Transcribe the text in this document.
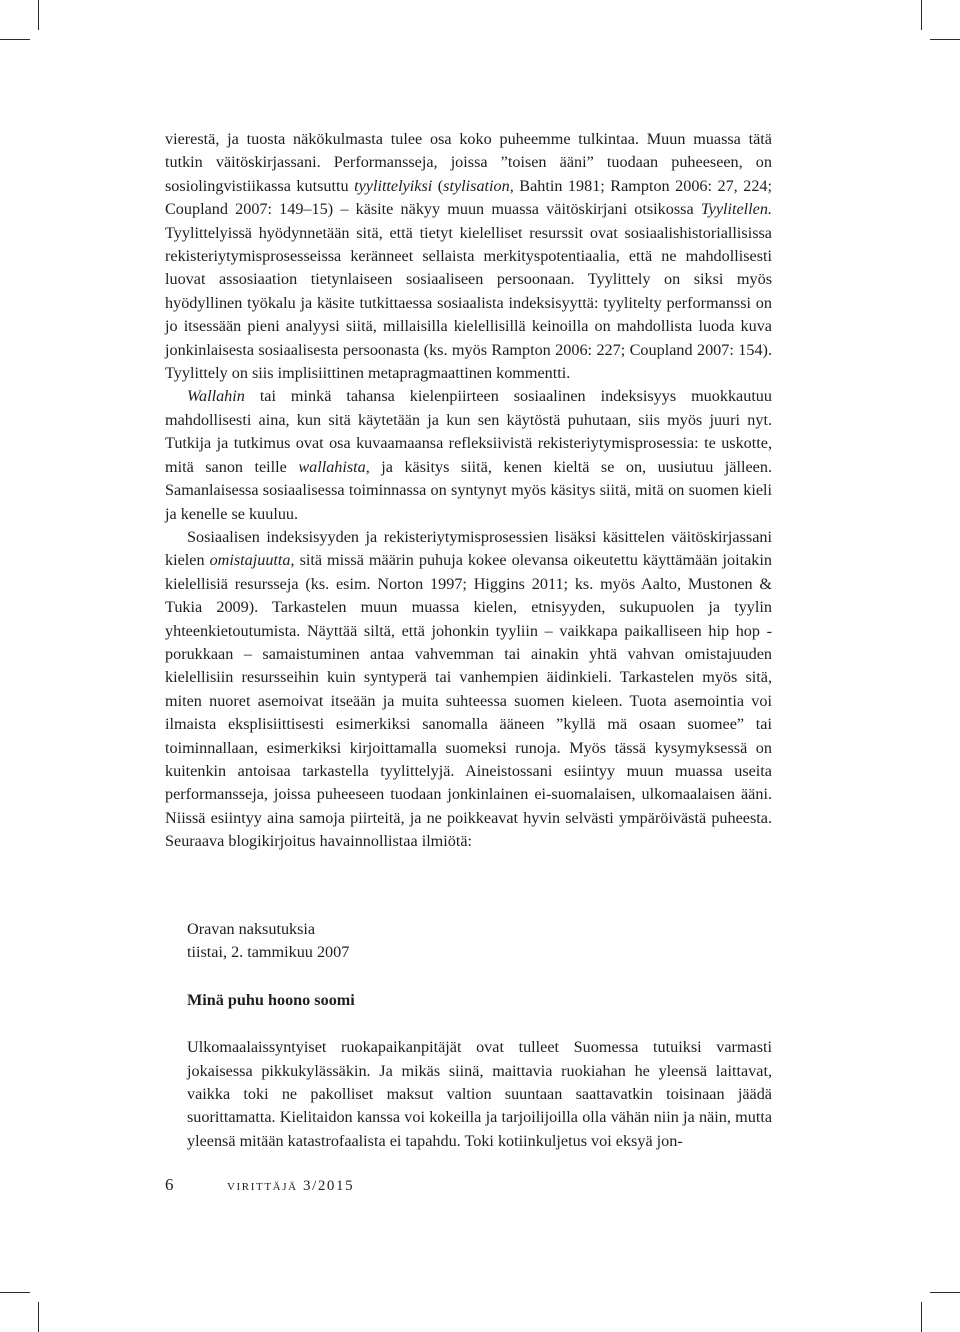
vierestä, ja tuosta näkökulmasta tulee osa koko puheemme tulkintaa. Muun muassa tätä tutkin väitöskirjassani. Performansseja, joissa ”toisen ääni” tuodaan puheeseen, on sosiolingvistiikassa kutsuttu tyylittelyiksi (stylisation, Bahtin 1981; Rampton 2006: 27, 224; Coupland 2007: 149–15) – käsite näkyy muun muassa väitöskirjani otsikossa Tyylitellen. Tyylittelyissä hyödynnetään sitä, että tietyt kielelliset resurssit ovat sosiaalishistoriallisissa rekisteriytymisprosesseissa keränneet sellaista merkityspotentiaalia, että ne mahdollisesti luovat assosiaation tietynlaiseen sosiaaliseen persoonaan. Tyylittely on siksi myös hyödyllinen työkalu ja käsite tutkittaessa sosiaalista indeksisyyttä: tyylitelty performanssi on jo itsessään pieni analyysi siitä, millaisilla kielellisillä keinoilla on mahdollista luoda kuva jonkinlaisesta sosiaalisesta persoonasta (ks. myös Rampton 2006: 227; Coupland 2007: 154). Tyylittely on siis implisiittinen metapragmaattinen kommentti.

Wallahin tai minkä tahansa kielenpiirteen sosiaalinen indeksisyys muokkautuu mahdollisesti aina, kun sitä käytetään ja kun sen käytöstä puhutaan, siis myös juuri nyt. Tutkija ja tutkimus ovat osa kuvaamaansa refleksiivistä rekisteriytymisprosessia: te uskotte, mitä sanon teille wallahista, ja käsitys siitä, kenen kieltä se on, uusiutuu jälleen. Samanlaisessa sosiaalisessa toiminnassa on syntynyt myös käsitys siitä, mitä on suomen kieli ja kenelle se kuuluu.

Sosiaalisen indeksisyyden ja rekisteriytymisprosessien lisäksi käsittelen väitöskirjassani kielen omistajuutta, sitä missä määrin puhuja kokee olevansa oikeutettu käyttämään joitakin kielellisiä resursseja (ks. esim. Norton 1997; Higgins 2011; ks. myös Aalto, Mustonen & Tukia 2009). Tarkastelen muun muassa kielen, etnisyyden, sukupuolen ja tyylin yhteenkietoutumista. Näyttää siltä, että johonkin tyyliin – vaikkapa paikalliseen hip hop -porukkaan – samaistuminen antaa vahvemman tai ainakin yhtä vahvan omistajuuden kielellisiin resursseihin kuin syntyperä tai vanhempien äidinkieli. Tarkastelen myös sitä, miten nuoret asemoivat itseään ja muita suhteessa suomen kieleen. Tuota asemointia voi ilmaista eksplisiittisesti esimerkiksi sanomalla ääneen ”kyllä mä osaan suomee” tai toiminnallaan, esimerkiksi kirjoittamalla suomeksi runoja. Myös tässä kysymyksessä on kuitenkin antoisaa tarkastella tyylittelyjä. Aineistossani esiintyy muun muassa useita performansseja, joissa puheeseen tuodaan jonkinlainen ei-suomalaisen, ulkomaalaisen ääni. Niissä esiintyy aina samoja piirteitä, ja ne poikkeavat hyvin selvästi ympäröivästä puheesta. Seuraava blogikirjoitus havainnollistaa ilmiötä:

Oravan naksutuksia

tiistai, 2. tammikuu 2007

Minä puhu hoono soomi

Ulkomaalaissyntyiset ruokapaikanpitäjät ovat tulleet Suomessa tutuiksi varmasti jokaisessa pikkukylässäkin. Ja mikäs siinä, maittavia ruokiahan he yleensä laittavat, vaikka toki ne pakolliset maksut valtion suuntaan saattavatkin toisinaan jäädä suorittamatta. Kielitaidon kanssa voi kokeilla ja tarjoilijoilla olla vähän niin ja näin, mutta yleensä mitään katastrofaalista ei tapahdu. Toki kotiinkuljetus voi eksyä jon-

6	virittäjä 3/2015
